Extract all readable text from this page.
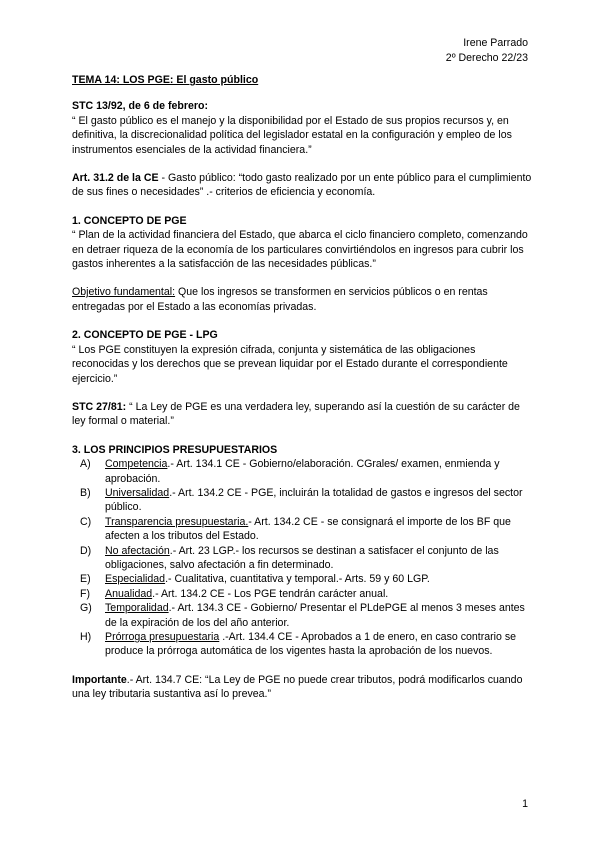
Irene Parrado
2º Derecho 22/23

TEMA 14: LOS PGE: El gasto público

STC 13/92, de 6 de febrero:

“ El gasto público es el manejo y la disponibilidad por el Estado de sus propios recursos y, en definitiva, la discrecionalidad política del legislador estatal en la configuración y empleo de los instrumentos esenciales de la actividad financiera.”

Art. 31.2 de la CE - Gasto público: “todo gasto realizado por un ente público para el cumplimiento de sus fines o necesidades” .- criterios de eficiencia y economía.

1. CONCEPTO DE PGE

“ Plan de la actividad financiera del Estado, que abarca el ciclo financiero completo, comenzando en detraer riqueza de la economía de los particulares convirtiéndolos en ingresos para cubrir los gastos inherentes a la satisfacción de las necesidades públicas.”

Objetivo fundamental: Que los ingresos se transformen en servicios públicos o en rentas entregadas por el Estado a las economías privadas.

2. CONCEPTO DE PGE - LPG

“ Los PGE constituyen la expresión cifrada, conjunta y sistemática de las obligaciones reconocidas y los derechos que se prevean liquidar por el Estado durante el correspondiente ejercicio.”

STC 27/81: “ La Ley de PGE es una verdadera ley, superando así la cuestión de su carácter de ley formal o material.”

3. LOS PRINCIPIOS PRESUPUESTARIOS

A) Competencia.- Art. 134.1 CE - Gobierno/elaboración. CGrales/ examen, enmienda y aprobación.
B) Universalidad.- Art. 134.2 CE - PGE, incluirán la totalidad de gastos e ingresos del sector público.
C) Transparencia presupuestaria.- Art. 134.2 CE - se consignará el importe de los BF que afecten a los tributos del Estado.
D) No afectación.- Art. 23 LGP.- los recursos se destinan a satisfacer el conjunto de las obligaciones, salvo afectación a fin determinado.
E) Especialidad.- Cualitativa, cuantitativa y temporal.- Arts. 59 y 60 LGP.
F) Anualidad.- Art. 134.2 CE - Los PGE tendrán carácter anual.
G) Temporalidad.- Art. 134.3 CE - Gobierno/ Presentar el PLdePGE al menos 3 meses antes de la expiración de los del año anterior.
H) Prórroga presupuestaria .-Art. 134.4 CE - Aprobados a 1 de enero, en caso contrario se produce la prórroga automática de los vigentes hasta la aprobación de los nuevos.

Importante.- Art. 134.7 CE: “La Ley de PGE no puede crear tributos, podrá modificarlos cuando una ley tributaria sustantiva así lo prevea.”

1
